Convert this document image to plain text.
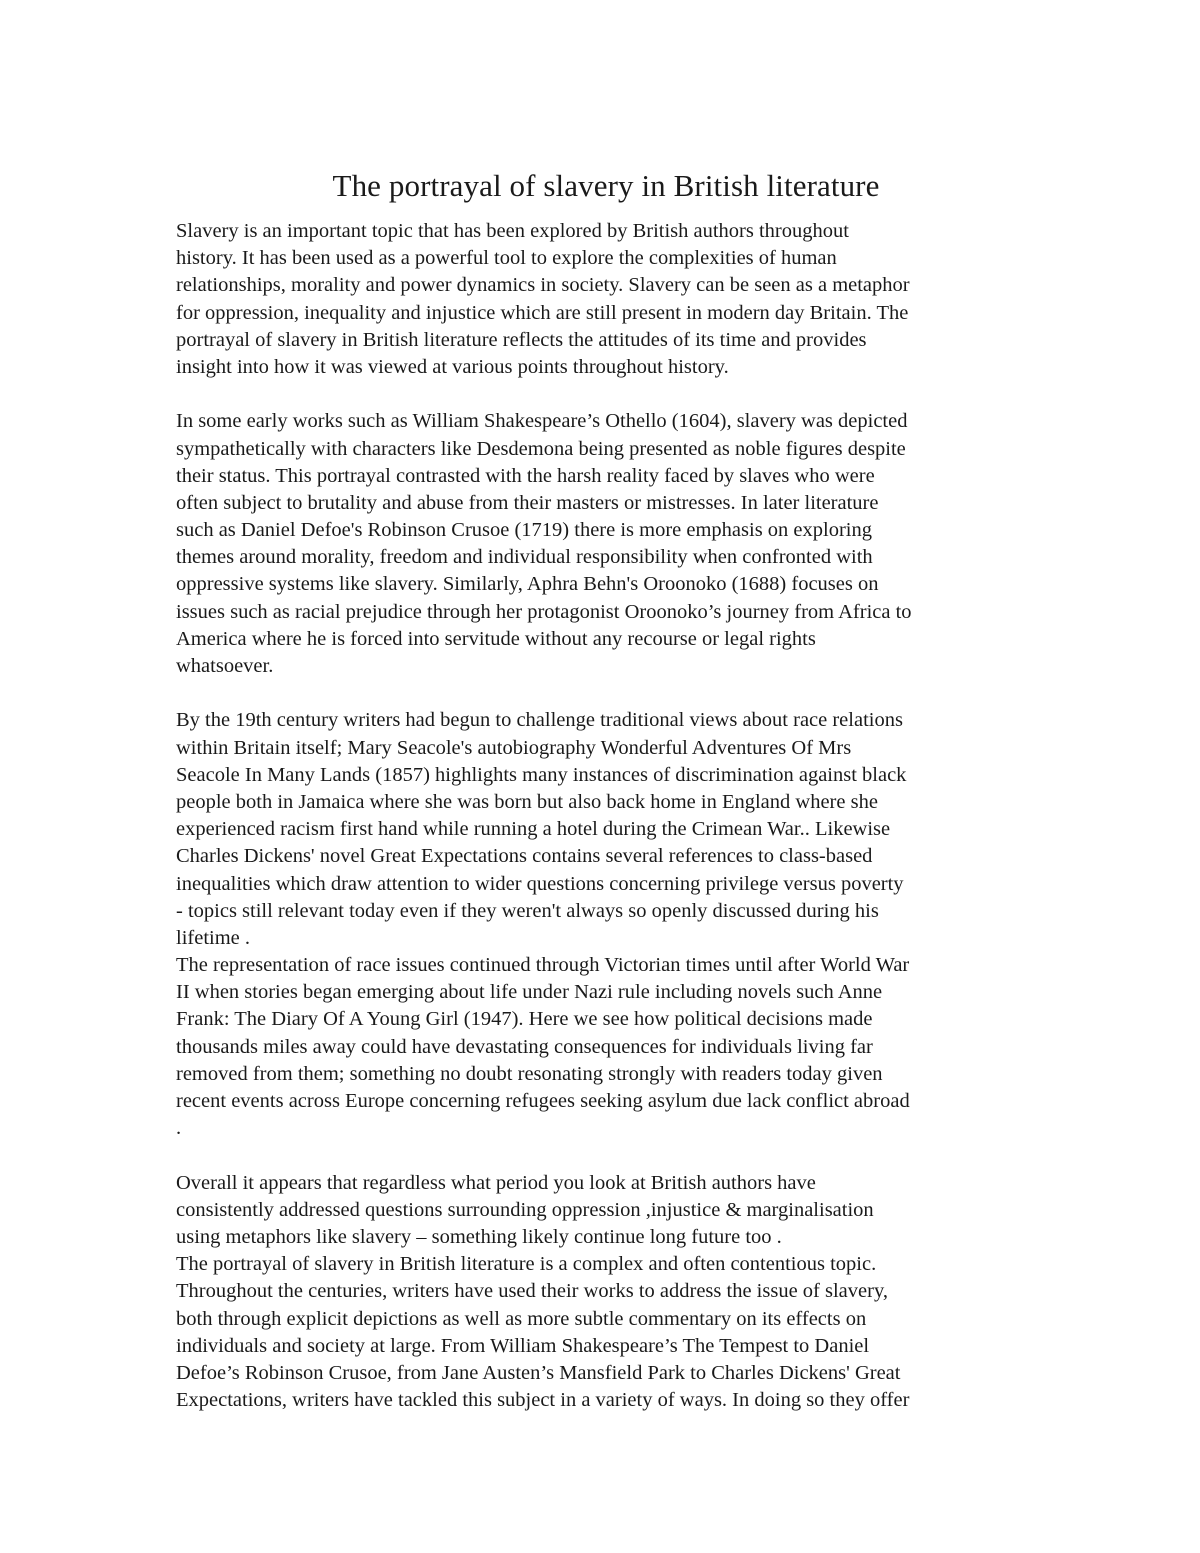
The portrayal of slavery in British literature
Slavery is an important topic that has been explored by British authors throughout
history. It has been used as a powerful tool to explore the complexities of human
relationships, morality and power dynamics in society. Slavery can be seen as a metaphor
for oppression, inequality and injustice which are still present in modern day Britain. The
portrayal of slavery in British literature reflects the attitudes of its time and provides
insight into how it was viewed at various points throughout history.
In some early works such as William Shakespeare’s Othello (1604), slavery was depicted
sympathetically with characters like Desdemona being presented as noble figures despite
their status. This portrayal contrasted with the harsh reality faced by slaves who were
often subject to brutality and abuse from their masters or mistresses. In later literature
such as Daniel Defoe's Robinson Crusoe (1719) there is more emphasis on exploring
themes around morality, freedom and individual responsibility when confronted with
oppressive systems like slavery. Similarly, Aphra Behn's Oroonoko (1688) focuses on
issues such as racial prejudice through her protagonist Oroonoko’s journey from Africa to
America where he is forced into servitude without any recourse or legal rights
whatsoever.
By the 19th century writers had begun to challenge traditional views about race relations
within Britain itself; Mary Seacole's autobiography Wonderful Adventures Of Mrs
Seacole In Many Lands (1857) highlights many instances of discrimination against black
people both in Jamaica where she was born but also back home in England where she
experienced racism first hand while running a hotel during the Crimean War.. Likewise
Charles Dickens' novel Great Expectations contains several references to class-based
inequalities which draw attention to wider questions concerning privilege versus poverty
- topics still relevant today even if they weren't always so openly discussed during his
lifetime .
The representation of race issues continued through Victorian times until after World War
II when stories began emerging about life under Nazi rule including novels such Anne
Frank: The Diary Of A Young Girl (1947). Here we see how political decisions made
thousands miles away could have devastating consequences for individuals living far
removed from them; something no doubt resonating strongly with readers today given
recent events across Europe concerning refugees seeking asylum due lack conflict abroad
.
Overall it appears that regardless what period you look at British authors have
consistently addressed questions surrounding oppression ,injustice & marginalisation
using metaphors like slavery – something likely continue long future too .
The portrayal of slavery in British literature is a complex and often contentious topic.
Throughout the centuries, writers have used their works to address the issue of slavery,
both through explicit depictions as well as more subtle commentary on its effects on
individuals and society at large. From William Shakespeare’s The Tempest to Daniel
Defoe’s Robinson Crusoe, from Jane Austen’s Mansfield Park to Charles Dickens' Great
Expectations, writers have tackled this subject in a variety of ways. In doing so they offer
